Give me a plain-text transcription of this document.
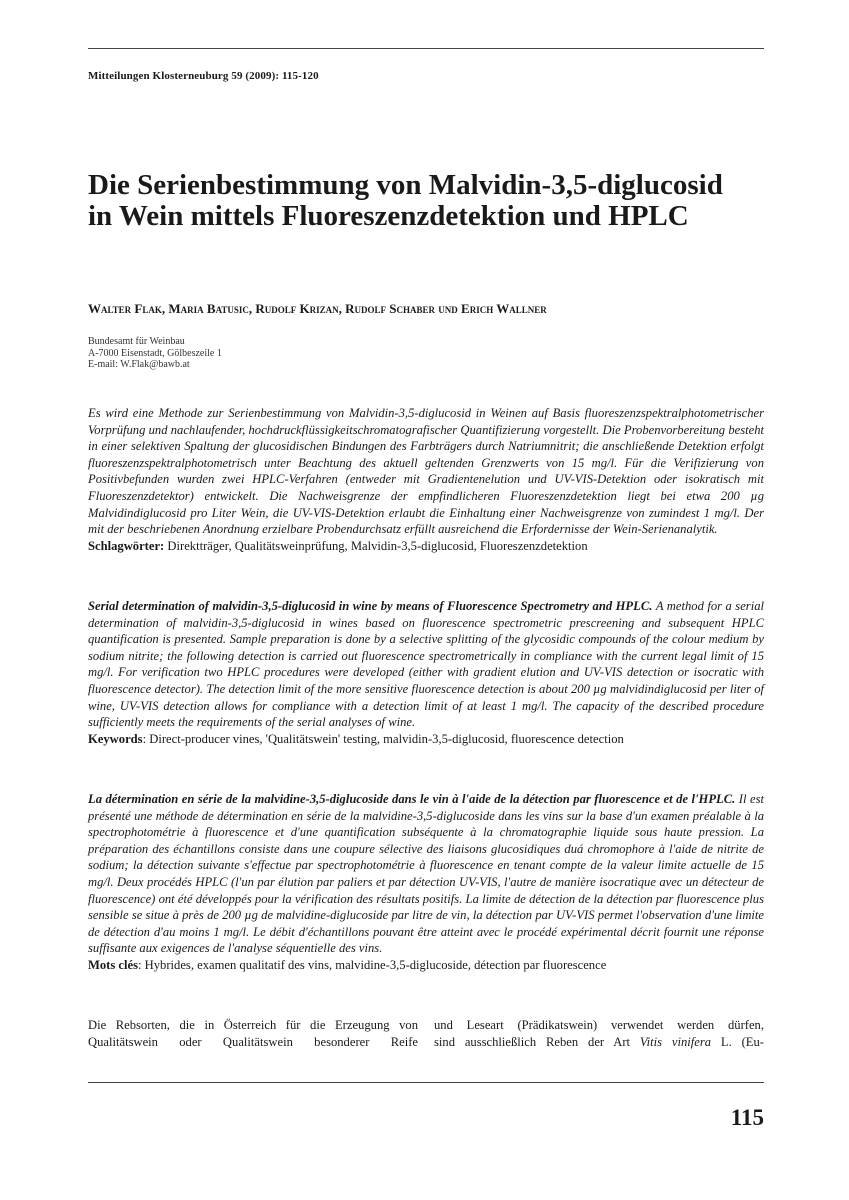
Mitteilungen Klosterneuburg 59 (2009): 115-120
Die Serienbestimmung von Malvidin-3,5-diglucosid
in Wein mittels Fluoreszenzdetektion und HPLC
Walter Flak, Maria Batusic, Rudolf Krizan, Rudolf Schaber und Erich Wallner
Bundesamt für Weinbau
A-7000 Eisenstadt, Gölbeszeile 1
E-mail: W.Flak@bawb.at
Es wird eine Methode zur Serienbestimmung von Malvidin-3,5-diglucosid in Weinen auf Basis fluoreszenzspektralphotometrischer Vorprüfung und nachlaufender, hochdruckflüssigkeitschromatografischer Quantifizierung vorgestellt. Die Probenvorbereitung besteht in einer selektiven Spaltung der glucosidischen Bindungen des Farbträgers durch Natriumnitrit; die anschließende Detektion erfolgt fluoreszenzspektralphotometrisch unter Beachtung des aktuell geltenden Grenzwerts von 15 mg/l. Für die Verifizierung von Positivbefunden wurden zwei HPLC-Verfahren (entweder mit Gradientenelution und UV-VIS-Detektion oder isokratisch mit Fluoreszenzdetektor) entwickelt. Die Nachweisgrenze der empfindlicheren Fluoreszenzdetektion liegt bei etwa 200 µg Malvidindiglucosid pro Liter Wein, die UV-VIS-Detektion erlaubt die Einhaltung einer Nachweisgrenze von zumindest 1 mg/l. Der mit der beschriebenen Anordnung erzielbare Probendurchsatz erfüllt ausreichend die Erfordernisse der Wein-Serienanalytik.
Schlagwörter: Direktträger, Qualitätsweinprüfung, Malvidin-3,5-diglucosid, Fluoreszenzdetektion
Serial determination of malvidin-3,5-diglucosid in wine by means of Fluorescence Spectrometry and HPLC. A method for a serial determination of malvidin-3,5-diglucosid in wines based on fluorescence spectrometric prescreening and subsequent HPLC quantification is presented. Sample preparation is done by a selective splitting of the glycosidic compounds of the colour medium by sodium nitrite; the following detection is carried out fluorescence spectrometrically in compliance with the current legal limit of 15 mg/l. For verification two HPLC procedures were developed (either with gradient elution and UV-VIS detection or isocratic with fluorescence detector). The detection limit of the more sensitive fluorescence detection is about 200 µg malvidindiglucosid per liter of wine, UV-VIS detection allows for compliance with a detection limit of at least 1 mg/l. The capacity of the described procedure sufficiently meets the requirements of the serial analyses of wine.
Keywords: Direct-producer vines, 'Qualitätswein' testing, malvidin-3,5-diglucosid, fluorescence detection
La détermination en série de la malvidine-3,5-diglucoside dans le vin à l'aide de la détection par fluorescence et de l'HPLC. Il est présenté une méthode de détermination en série de la malvidine-3,5-diglucoside dans les vins sur la base d'un examen préalable à la spectrophotométrie à fluorescence et d'une quantification subséquente à la chromatographie liquide sous haute pression. La préparation des échantillons consiste dans une coupure sélective des liaisons glucosidiques duá chromophore à l'aide de nitrite de sodium; la détection suivante s'effectue par spectrophotométrie à fluorescence en tenant compte de la valeur limite actuelle de 15 mg/l. Deux procédés HPLC (l'un par élution par paliers et par détection UV-VIS, l'autre de manière isocratique avec un détecteur de fluorescence) ont été développés pour la vérification des résultats positifs. La limite de détection de la détection par fluorescence plus sensible se situe à près de 200 µg de malvidine-diglucoside par litre de vin, la détection par UV-VIS permet l'observation d'une limite de détection d'au moins 1 mg/l. Le débit d'échantillons pouvant être atteint avec le procédé expérimental décrit fournit une réponse suffisante aux exigences de l'analyse séquentielle des vins.
Mots clés: Hybrides, examen qualitatif des vins, malvidine-3,5-diglucoside, détection par fluorescence
Die Rebsorten, die in Österreich für die Erzeugung von
Qualitätswein oder Qualitätswein besonderer Reife
und Leseart (Prädikatswein) verwendet werden dürfen,
sind ausschließlich Reben der Art Vitis vinifera L. (Eu-
115
